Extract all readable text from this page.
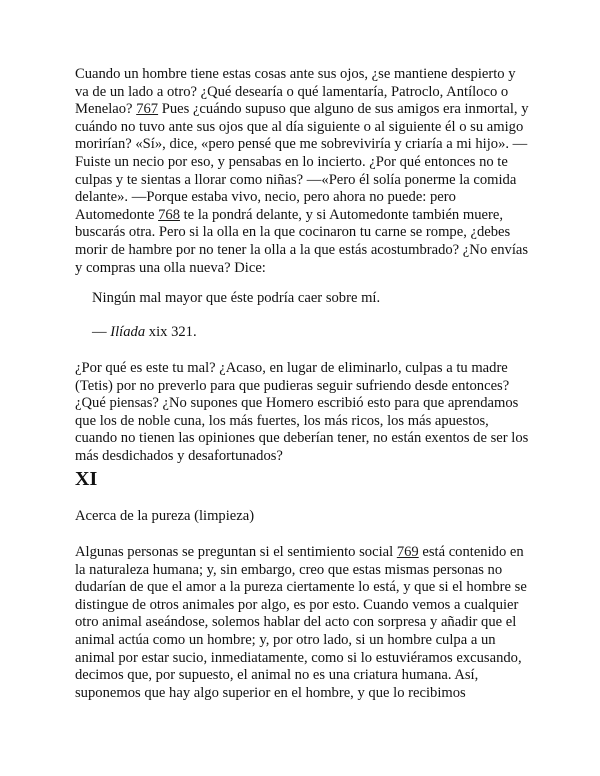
Cuando un hombre tiene estas cosas ante sus ojos, ¿se mantiene despierto y va de un lado a otro? ¿Qué desearía o qué lamentaría, Patroclo, Antíloco o Menelao? 767 Pues ¿cuándo supuso que alguno de sus amigos era inmortal, y cuándo no tuvo ante sus ojos que al día siguiente o al siguiente él o su amigo morirían? «Sí», dice, «pero pensé que me sobreviviría y criaría a mi hijo». —Fuiste un necio por eso, y pensabas en lo incierto. ¿Por qué entonces no te culpas y te sientas a llorar como niñas? —«Pero él solía ponerme la comida delante». —Porque estaba vivo, necio, pero ahora no puede: pero Automedonte 768 te la pondrá delante, y si Automedonte también muere, buscarás otra. Pero si la olla en la que cocinaron tu carne se rompe, ¿debes morir de hambre por no tener la olla a la que estás acostumbrado? ¿No envías y compras una olla nueva? Dice:

Ningún mal mayor que éste podría caer sobre mí.

— Ilíada xix 321.

¿Por qué es este tu mal? ¿Acaso, en lugar de eliminarlo, culpas a tu madre (Tetis) por no preverlo para que pudieras seguir sufriendo desde entonces? ¿Qué piensas? ¿No supones que Homero escribió esto para que aprendamos que los de noble cuna, los más fuertes, los más ricos, los más apuestos, cuando no tienen las opiniones que deberían tener, no están exentos de ser los más desdichados y desafortunados?

XI

Acerca de la pureza (limpieza)

Algunas personas se preguntan si el sentimiento social 769 está contenido en la naturaleza humana; y, sin embargo, creo que estas mismas personas no dudarían de que el amor a la pureza ciertamente lo está, y que si el hombre se distingue de otros animales por algo, es por esto. Cuando vemos a cualquier otro animal aseándose, solemos hablar del acto con sorpresa y añadir que el animal actúa como un hombre; y, por otro lado, si un hombre culpa a un animal por estar sucio, inmediatamente, como si lo estuviéramos excusando, decimos que, por supuesto, el animal no es una criatura humana. Así, suponemos que hay algo superior en el hombre, y que lo recibimos
